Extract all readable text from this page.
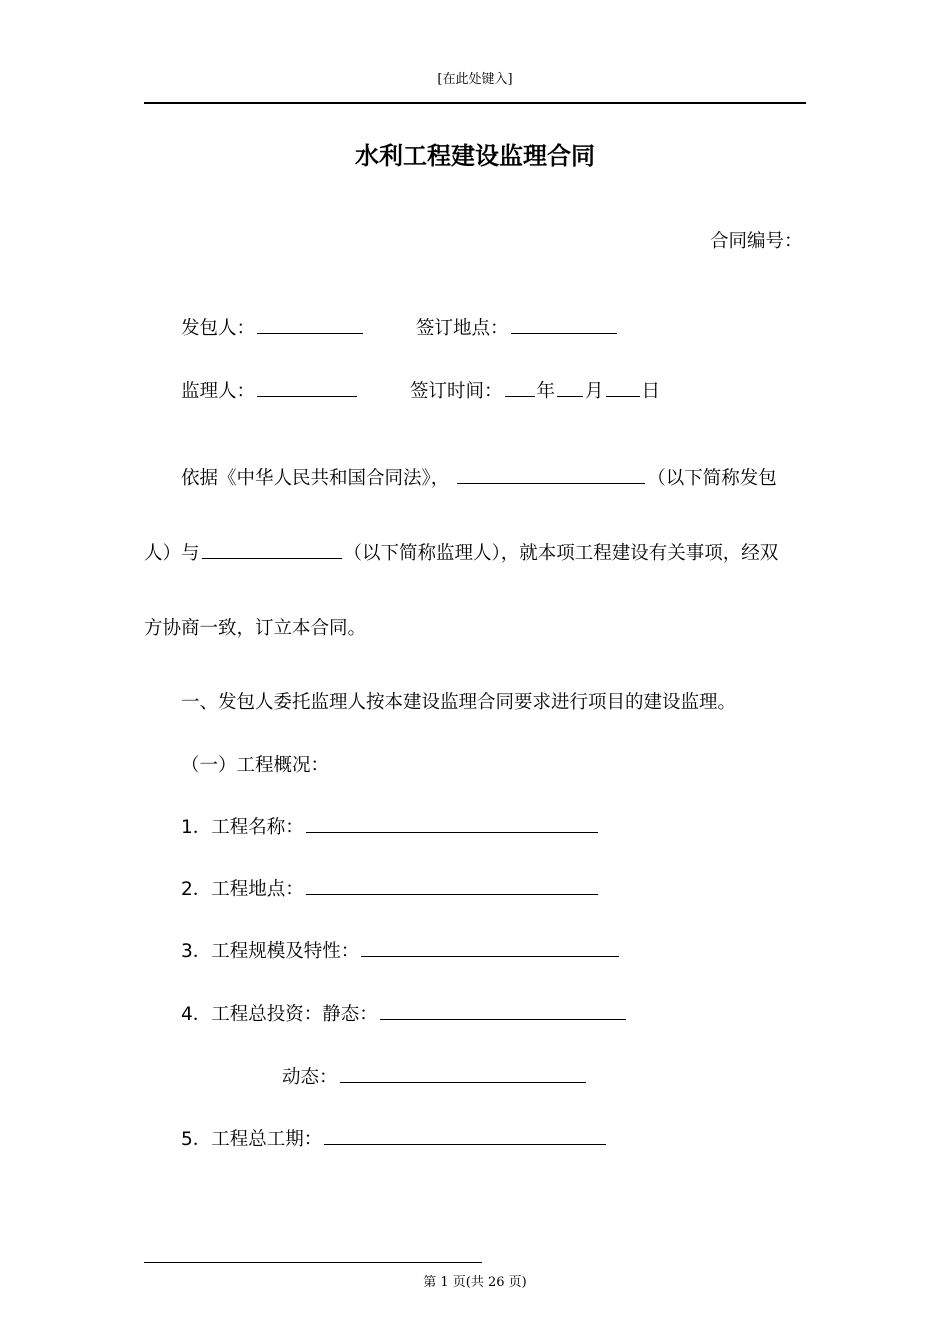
[在此处键入]
水利工程建设监理合同
合同编号：
发包人：	签订地点：
监理人：	签订时间： 年 月 日
依据《中华人民共和国合同法》，	（以下简称发包
人）与	（以下简称监理人），就本项工程建设有关事项，经双
方协商一致，订立本合同。
一、发包人委托监理人按本建设监理合同要求进行项目的建设监理。
（一）工程概况：
1．工程名称：
2．工程地点：
3．工程规模及特性：
4．工程总投资：静态：
动态：
5．工程总工期：
第 1 页(共 26 页)
